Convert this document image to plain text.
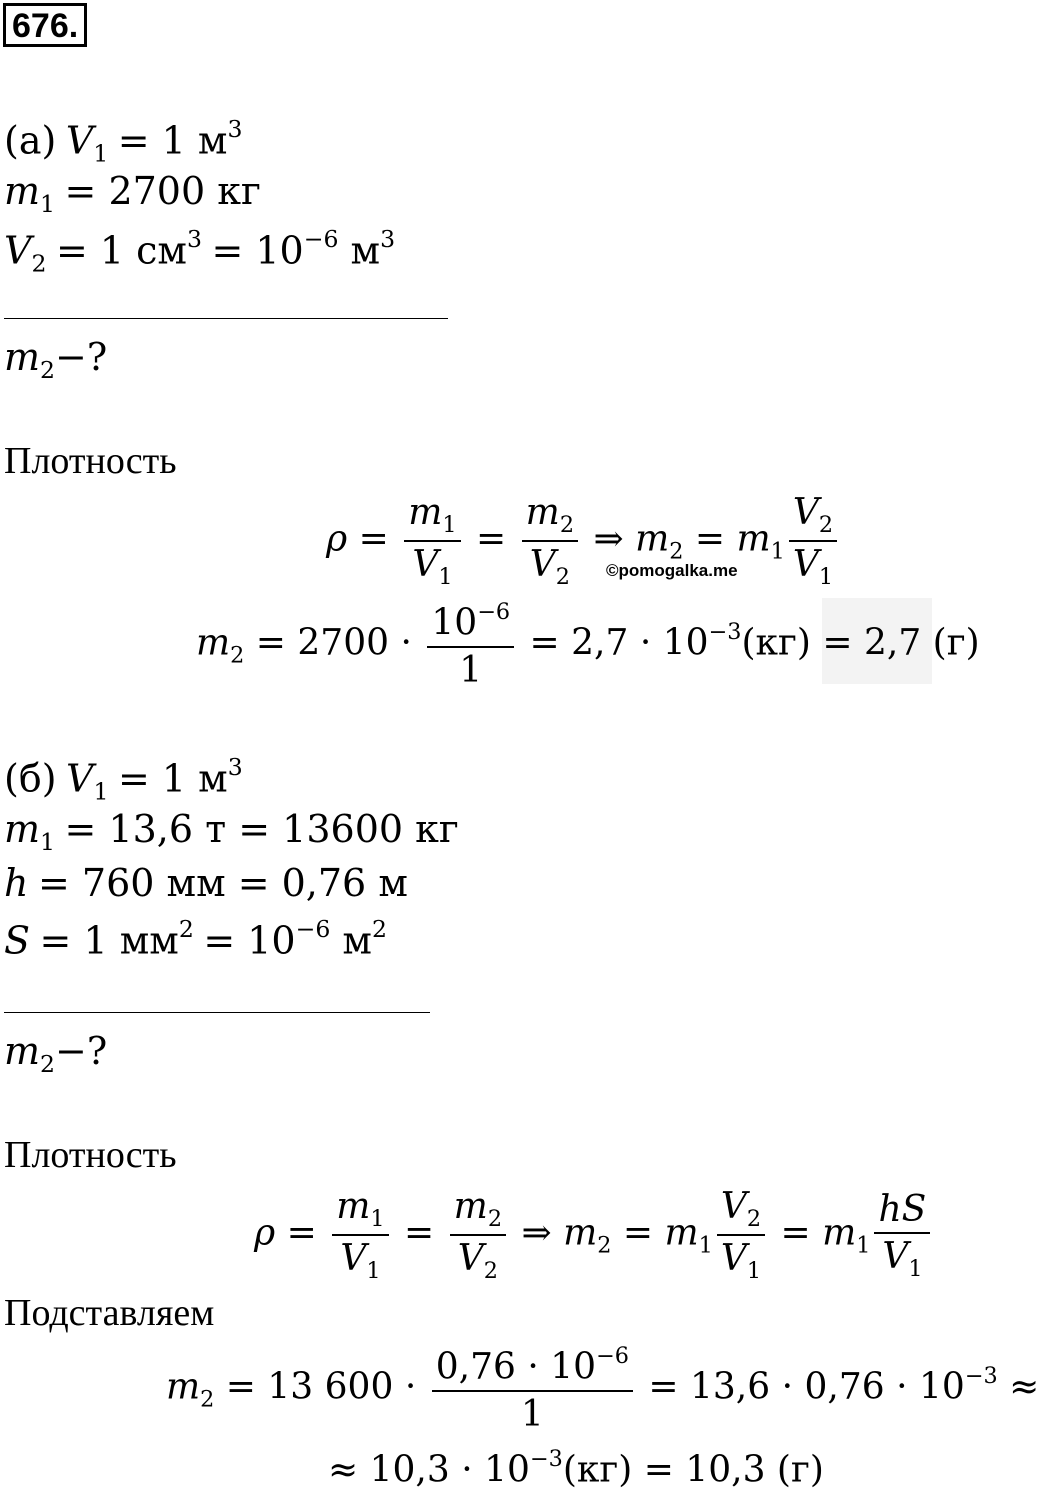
676.
(а) $V_1 = 1$ $м^3$
$m_1 = 2700$ кг
$V_2 = 1$ $см^3 = 10^{-6}$ $м^3$
$m_2-$?
Плотность
$\rho = \frac{m_1}{V_1} = \frac{m_2}{V_2}$ ⇒ $m_2 = m_1 \frac{V_2}{V_1}$
©pomogalka.me
$m_2 = 2700 \cdot \frac{10^{-6}}{1} = 2,7 \cdot 10^{-3}(кг) = 2,7$ (г)
(б) $V_1 = 1$ $м^3$
$m_1 = 13,6$ т = 13600 кг
h = 760 мм = 0,76 м
S = 1 $мм^2 = 10^{-6}$ $м^2$
$m_2-$?
Плотность
$\rho = \frac{m_1}{V_1} = \frac{m_2}{V_2}$ ⇒ $m_2 = m_1 \frac{V_2}{V_1} = m_1 \frac{hS}{V_1}$
Подставляем
$m_2 = 13$ $600 \cdot \frac{0,76 \cdot 10^{-6}}{1} = 13,6 \cdot 0,76 \cdot 10^{-3}$ ≈
≈ $10,3 \cdot 10^{-3}(кг) = 10,3$ (г)
